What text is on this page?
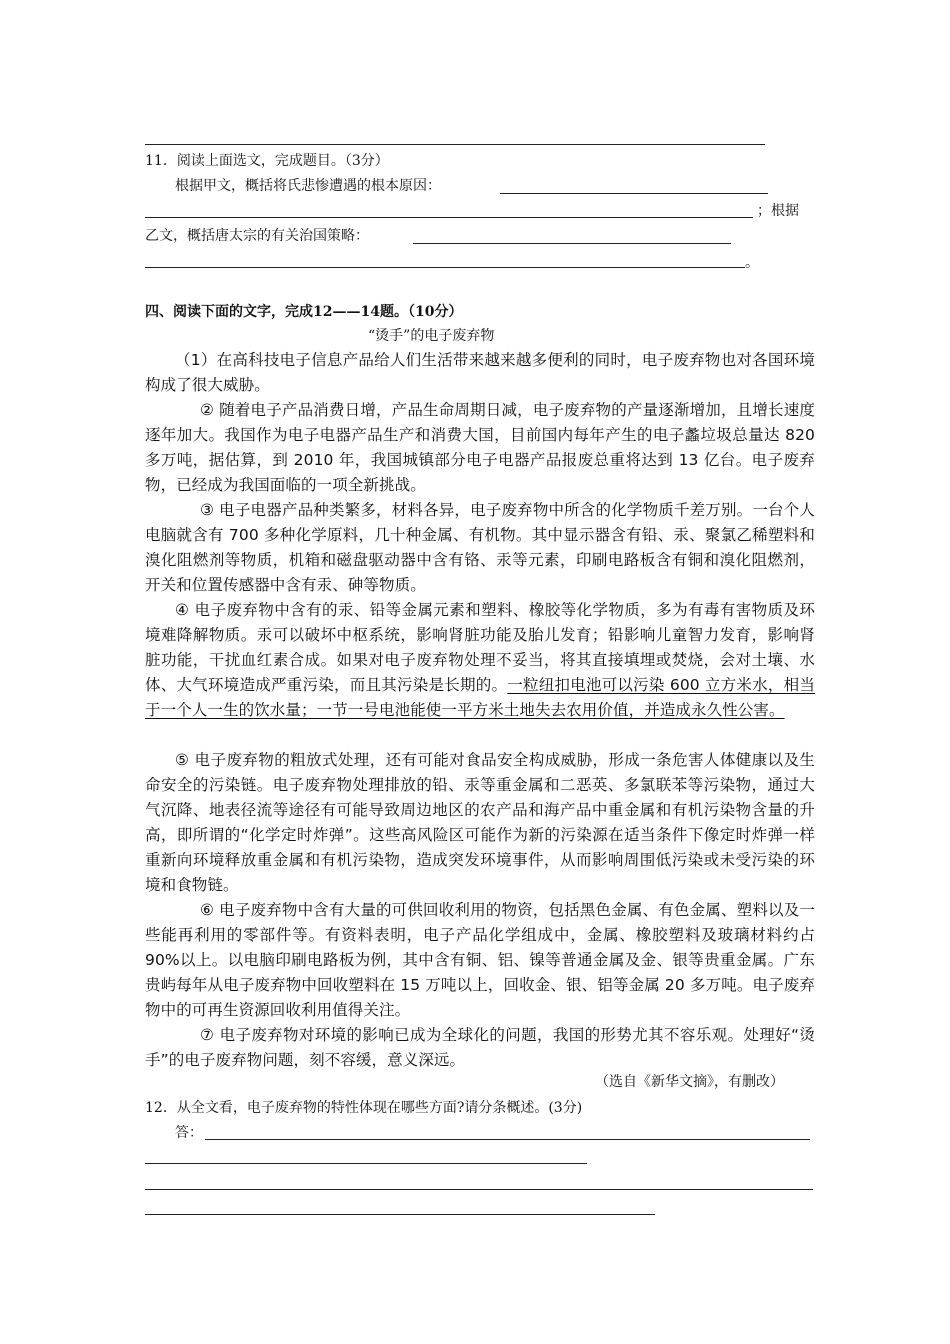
11．阅读上面选文，完成题目。（3分）
根据甲文，概括将氏悲惨遭遇的根本原因：
；根据
乙文，概括唐太宗的有关治国策略：
。
四、阅读下面的文字，完成12——14题。（10分）
“烫手”的电子废弃物
（1）在高科技电子信息产品给人们生活带来越来越多便利的同时，电子废弃物也对各国环境构成了很大威胁。
② 随着电子产品消费日增，产品生命周期日减，电子废弃物的产量逐渐增加，且增长速度逐年加大。我国作为电子电器产品生产和消费大国，目前国内每年产生的电子蠡垃圾总量达 820 多万吨，据估算，到 2010 年，我国城镇部分电子电器产品报废总重将达到 13 亿台。电子废弃物，已经成为我国面临的一项全新挑战。
③ 电子电器产品种类繁多，材料各异，电子废弃物中所含的化学物质千差万别。一台个人电脑就含有 700 多种化学原料，几十种金属、有机物。其中显示器含有铅、汞、聚氯乙稀塑料和溴化阻燃剂等物质，机箱和磁盘驱动器中含有铬、汞等元素，印刷电路板含有铜和溴化阻燃剂，开关和位置传感器中含有汞、砷等物质。
④ 电子废弃物中含有的汞、铅等金属元素和塑料、橡胶等化学物质，多为有毒有害物质及环境难降解物质。汞可以破坏中枢系统，影响肾脏功能及胎儿发育；铅影响儿童智力发育，影响肾脏功能，干扰血红素合成。如果对电子废弃物处理不妥当，将其直接填埋或焚烧，会对土壤、水体、大气环境造成严重污染，而且其污染是长期的。一粒纽扣电池可以污染 600 立方米水，相当于一个人一生的饮水量；一节一号电池能使一平方米土地失去农用价值，并造成永久性公害。
⑤ 电子废弃物的粗放式处理，还有可能对食品安全构成威胁，形成一条危害人体健康以及生命安全的污染链。电子废弃物处理排放的铅、汞等重金属和二恶英、多氯联苯等污染物，通过大气沉降、地表径流等途径有可能导致周边地区的农产品和海产品中重金属和有机污染物含量的升高，即所谓的“化学定时炸弹”。这些高风险区可能作为新的污染源在适当条件下像定时炸弹一样重新向环境释放重金属和有机污染物，造成突发环境事件，从而影响周围低污染或未受污染的环境和食物链。
⑥ 电子废弃物中含有大量的可供回收利用的物资，包括黑色金属、有色金属、塑料以及一些能再利用的零部件等。有资料表明，电子产品化学组成中，金属、橡胶塑料及玻璃材料约占 90%以上。以电脑印刷电路板为例，其中含有铜、铝、镍等普通金属及金、银等贵重金属。广东贵屿每年从电子废弃物中回收塑料在 15 万吨以上，回收金、银、铝等金属 20 多万吨。电子废弃物中的可再生资源回收利用值得关注。
⑦ 电子废弃物对环境的影响已成为全球化的问题，我国的形势尤其不容乐观。处理好“烫手”的电子废弃物问题，刻不容缓，意义深远。
（选自《新华文摘》，有删改）
12．从全文看，电子废弃物的特性体现在哪些方面?请分条概述。(3分)
答：
